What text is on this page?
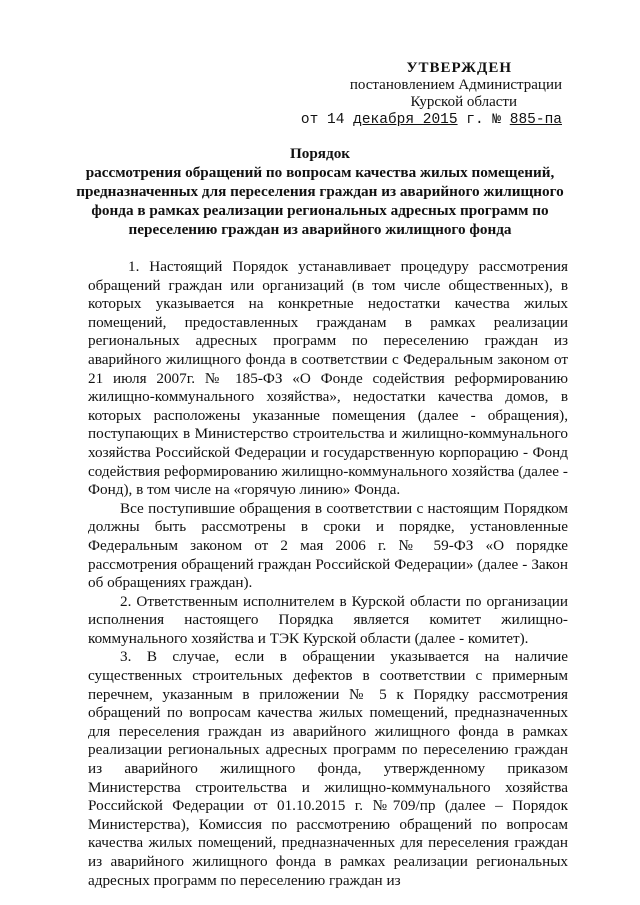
УТВЕРЖДЕН
постановлением Администрации
Курской области
от 14 декабря 2015 г. № 885-па
Порядок
рассмотрения обращений по вопросам качества жилых помещений, предназначенных для переселения граждан из аварийного жилищного фонда в рамках реализации региональных адресных программ по переселению граждан из аварийного жилищного фонда

1. Настоящий Порядок устанавливает процедуру рассмотрения обращений граждан или организаций (в том числе общественных), в которых указывается на конкретные недостатки качества жилых помещений, предоставленных гражданам в рамках реализации региональных адресных программ по переселению граждан из аварийного жилищного фонда в соответствии с Федеральным законом от 21 июля 2007г. № 185-ФЗ «О Фонде содействия реформированию жилищно-коммунального хозяйства», недостатки качества домов, в которых расположены указанные помещения (далее - обращения), поступающих в Министерство строительства и жилищно-коммунального хозяйства Российской Федерации и государственную корпорацию - Фонд содействия реформированию жилищно-коммунального хозяйства (далее - Фонд), в том числе на «горячую линию» Фонда.

Все поступившие обращения в соответствии с настоящим Порядком должны быть рассмотрены в сроки и порядке, установленные Федеральным законом от 2 мая 2006 г. № 59-ФЗ «О порядке рассмотрения обращений граждан Российской Федерации» (далее - Закон об обращениях граждан).

2. Ответственным исполнителем в Курской области по организации исполнения настоящего Порядка является комитет жилищно-коммунального хозяйства и ТЭК Курской области (далее - комитет).

3. В случае, если в обращении указывается на наличие существенных строительных дефектов в соответствии с примерным перечнем, указанным в приложении № 5 к Порядку рассмотрения обращений по вопросам качества жилых помещений, предназначенных для переселения граждан из аварийного жилищного фонда в рамках реализации региональных адресных программ по переселению граждан из аварийного жилищного фонда, утвержденному приказом Министерства строительства и жилищно-коммунального хозяйства Российской Федерации от 01.10.2015 г. №709/пр (далее – Порядок Министерства), Комиссия по рассмотрению обращений по вопросам качества жилых помещений, предназначенных для переселения граждан из аварийного жилищного фонда в рамках реализации региональных адресных программ по переселению граждан из
